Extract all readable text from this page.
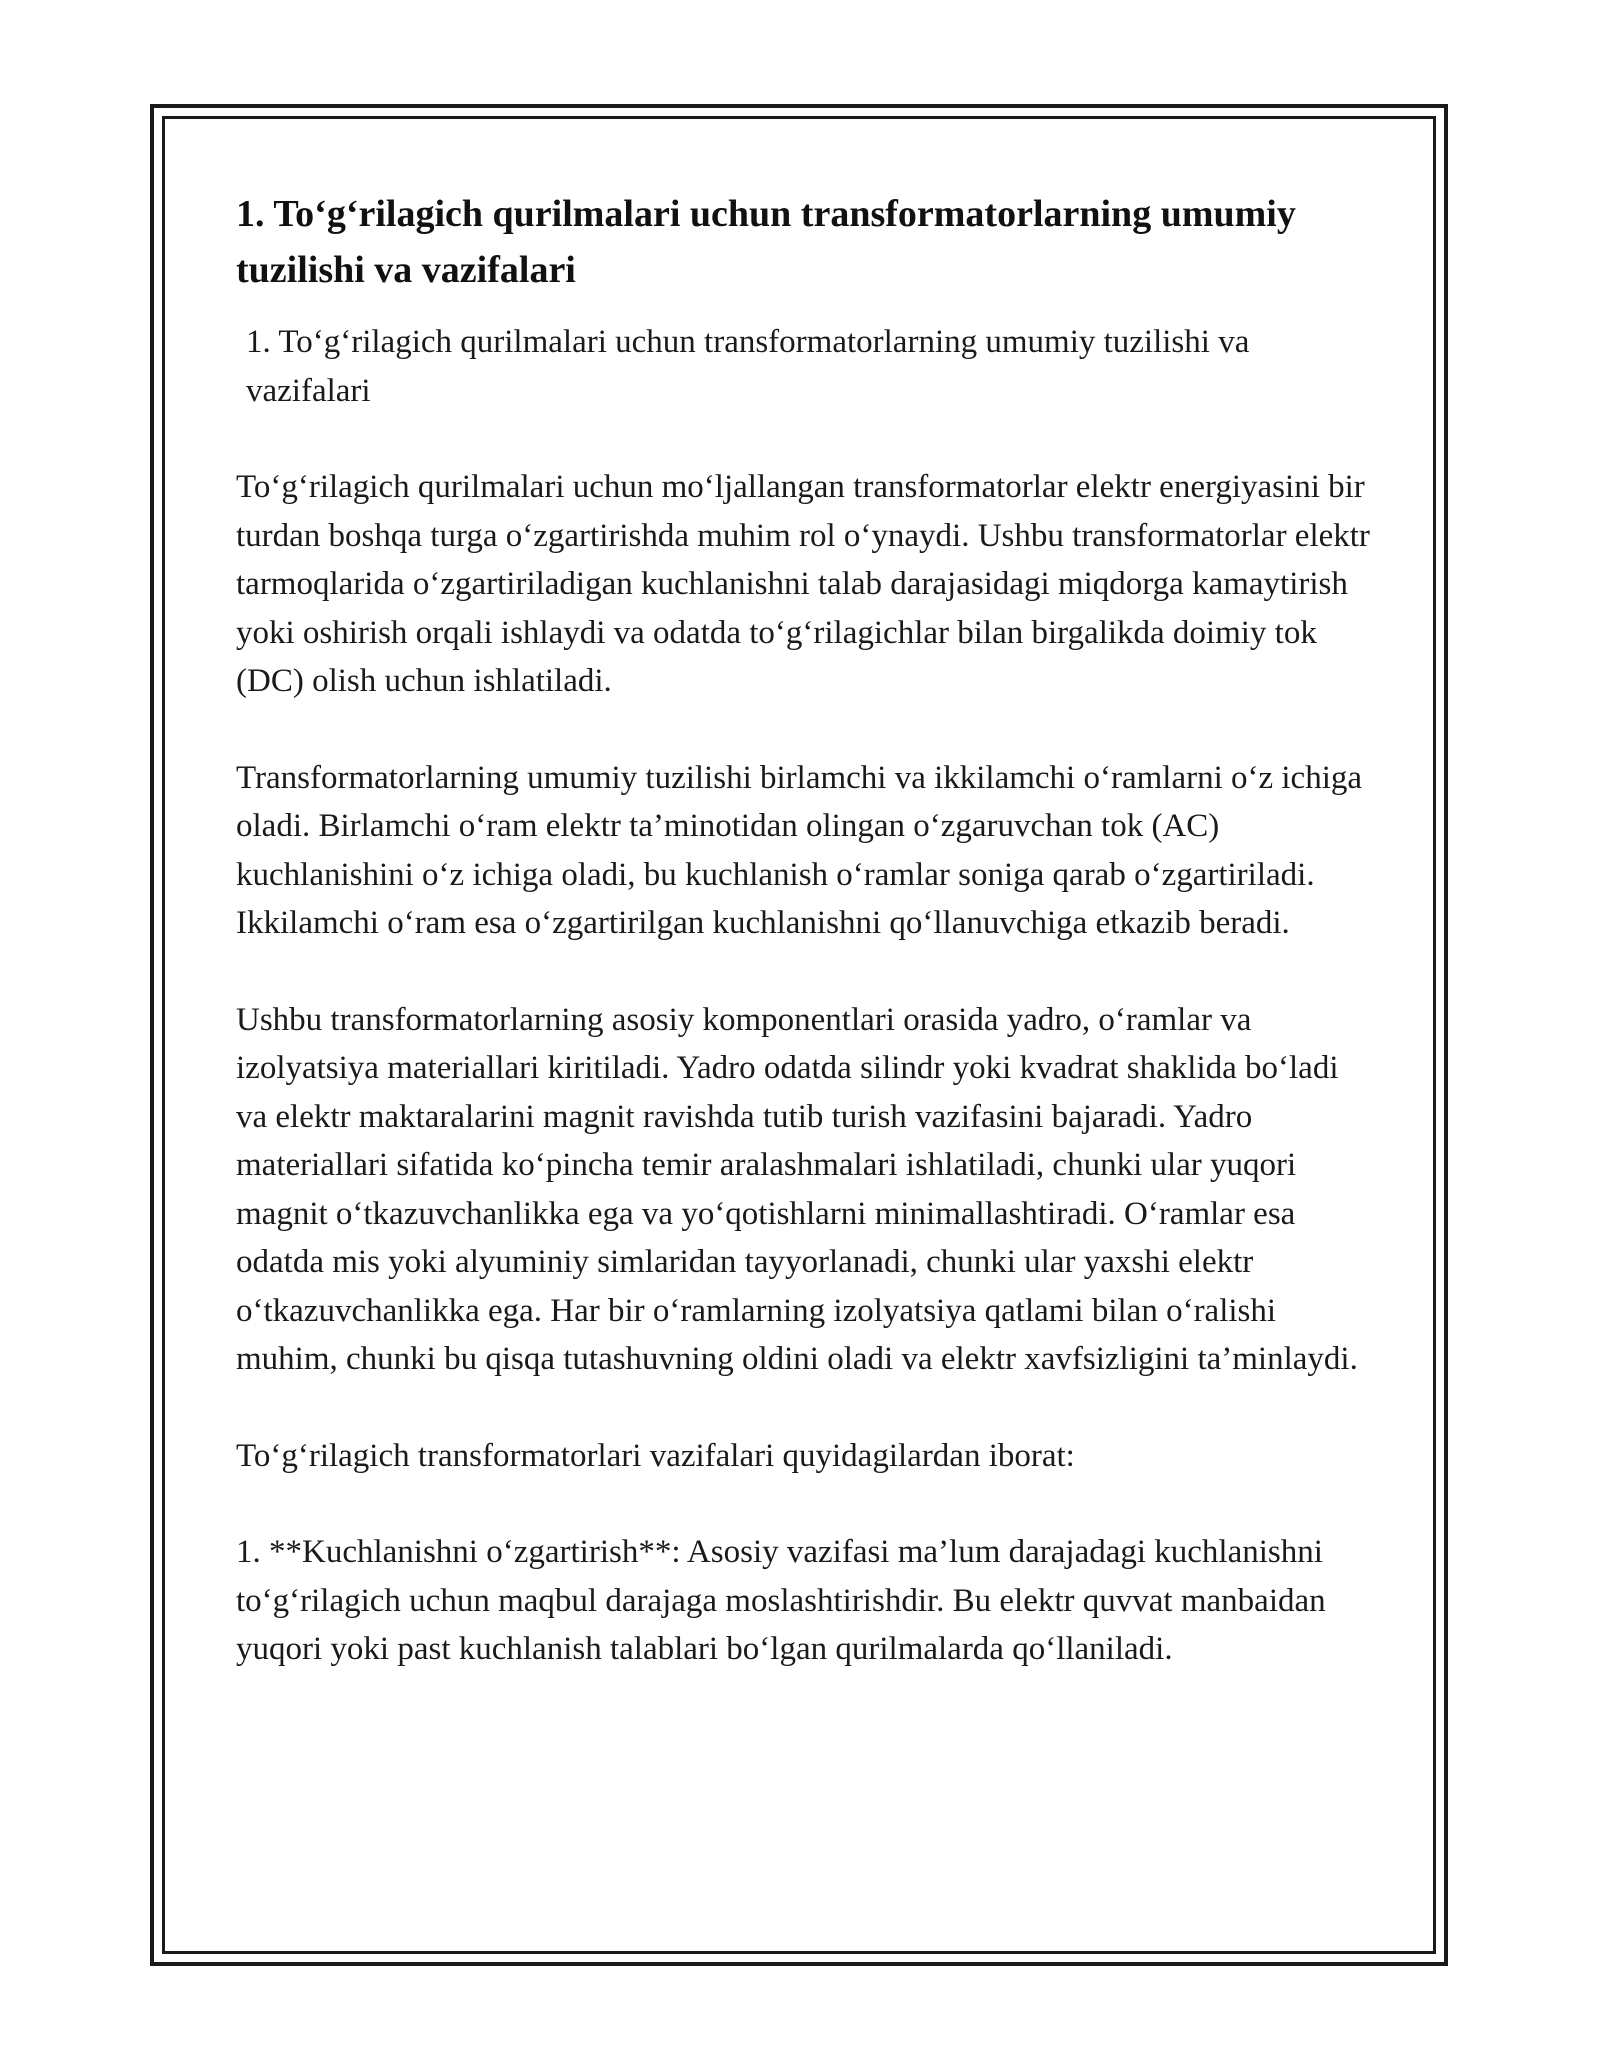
1. To‘g‘rilagich qurilmalari uchun transformatorlarning umumiy tuzilishi va vazifalari

1. To‘g‘rilagich qurilmalari uchun transformatorlarning umumiy tuzilishi va vazifalari

To‘g‘rilagich qurilmalari uchun mo‘ljallangan transformatorlar elektr energiyasini bir turdan boshqa turga o‘zgartirishda muhim rol o‘ynaydi. Ushbu transformatorlar elektr tarmoqlarida o‘zgartiriladigan kuchlanishni talab darajasidagi miqdorga kamaytirish yoki oshirish orqali ishlaydi va odatda to‘g‘rilagichlar bilan birgalikda doimiy tok (DC) olish uchun ishlatiladi.

Transformatorlarning umumiy tuzilishi birlamchi va ikkilamchi o‘ramlarni o‘z ichiga oladi. Birlamchi o‘ram elektr ta’minotidan olingan o‘zgaruvchan tok (AC) kuchlanishini o‘z ichiga oladi, bu kuchlanish o‘ramlar soniga qarab o‘zgartiriladi. Ikkilamchi o‘ram esa o‘zgartirilgan kuchlanishni qo‘llanuvchiga etkazib beradi.

Ushbu transformatorlarning asosiy komponentlari orasida yadro, o‘ramlar va izolyatsiya materiallari kiritiladi. Yadro odatda silindr yoki kvadrat shaklida bo‘ladi va elektr maktaralarini magnit ravishda tutib turish vazifasini bajaradi. Yadro materiallari sifatida ko‘pincha temir aralashmalari ishlatiladi, chunki ular yuqori magnit o‘tkazuvchanlikka ega va yo‘qotishlarni minimallashtiradi. O‘ramlar esa odatda mis yoki alyuminiy simlaridan tayyorlanadi, chunki ular yaxshi elektr o‘tkazuvchanlikka ega. Har bir o‘ramlarning izolyatsiya qatlami bilan o‘ralishi muhim, chunki bu qisqa tutashuvning oldini oladi va elektr xavfsizligini ta’minlaydi.

To‘g‘rilagich transformatorlari vazifalari quyidagilardan iborat:

1. **Kuchlanishni o‘zgartirish**: Asosiy vazifasi ma’lum darajadagi kuchlanishni to‘g‘rilagich uchun maqbul darajaga moslashtirishdir. Bu elektr quvvat manbaidan yuqori yoki past kuchlanish talablari bo‘lgan qurilmalarda qo‘llaniladi.
